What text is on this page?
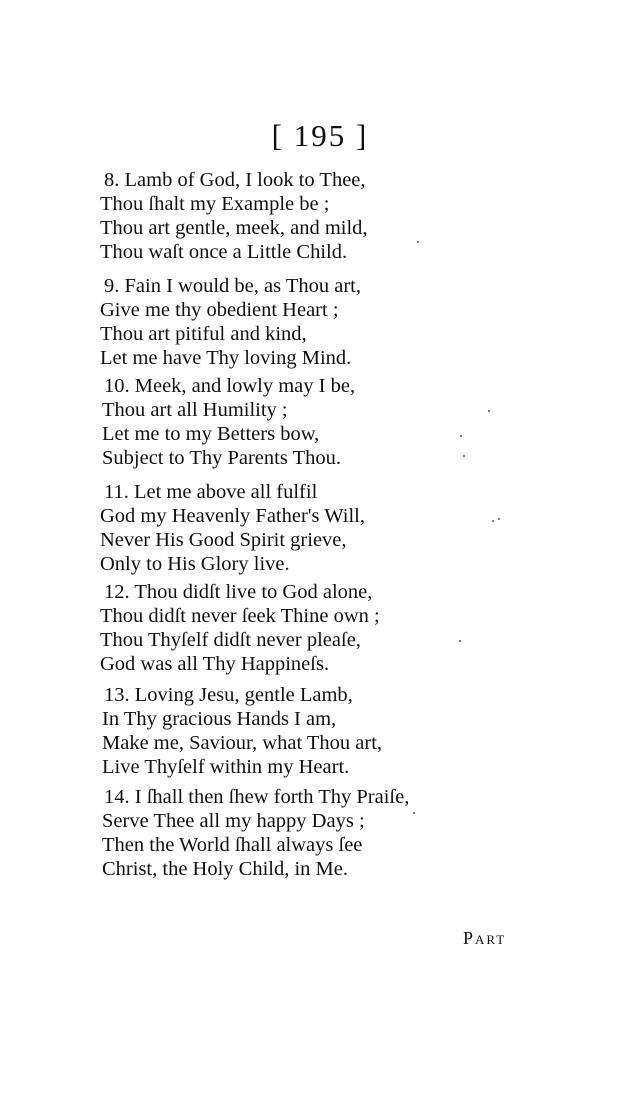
[ 195 ]
8. Lamb of God, I look to Thee,
Thou ſhalt my Example be ;
Thou art gentle, meek, and mild,
Thou waſt once a Little Child.
9. Fain I would be, as Thou art,
Give me thy obedient Heart ;
Thou art pitiful and kind,
Let me have Thy loving Mind.
10. Meek, and lowly may I be,
Thou art all Humility ;
Let me to my Betters bow,
Subject to Thy Parents Thou.
11. Let me above all fulfil
God my Heavenly Father's Will,
Never His Good Spirit grieve,
Only to His Glory live.
12. Thou didſt live to God alone,
Thou didſt never ſeek Thine own ;
Thou Thyſelf didſt never pleaſe,
God was all Thy Happineſs.
13. Loving Jesu, gentle Lamb,
In Thy gracious Hands I am,
Make me, Saviour, what Thou art,
Live Thyſelf within my Heart.
14. I ſhall then ſhew forth Thy Praiſe,
Serve Thee all my happy Days ;
Then the World ſhall always ſee
Christ, the Holy Child, in Me.
Part
